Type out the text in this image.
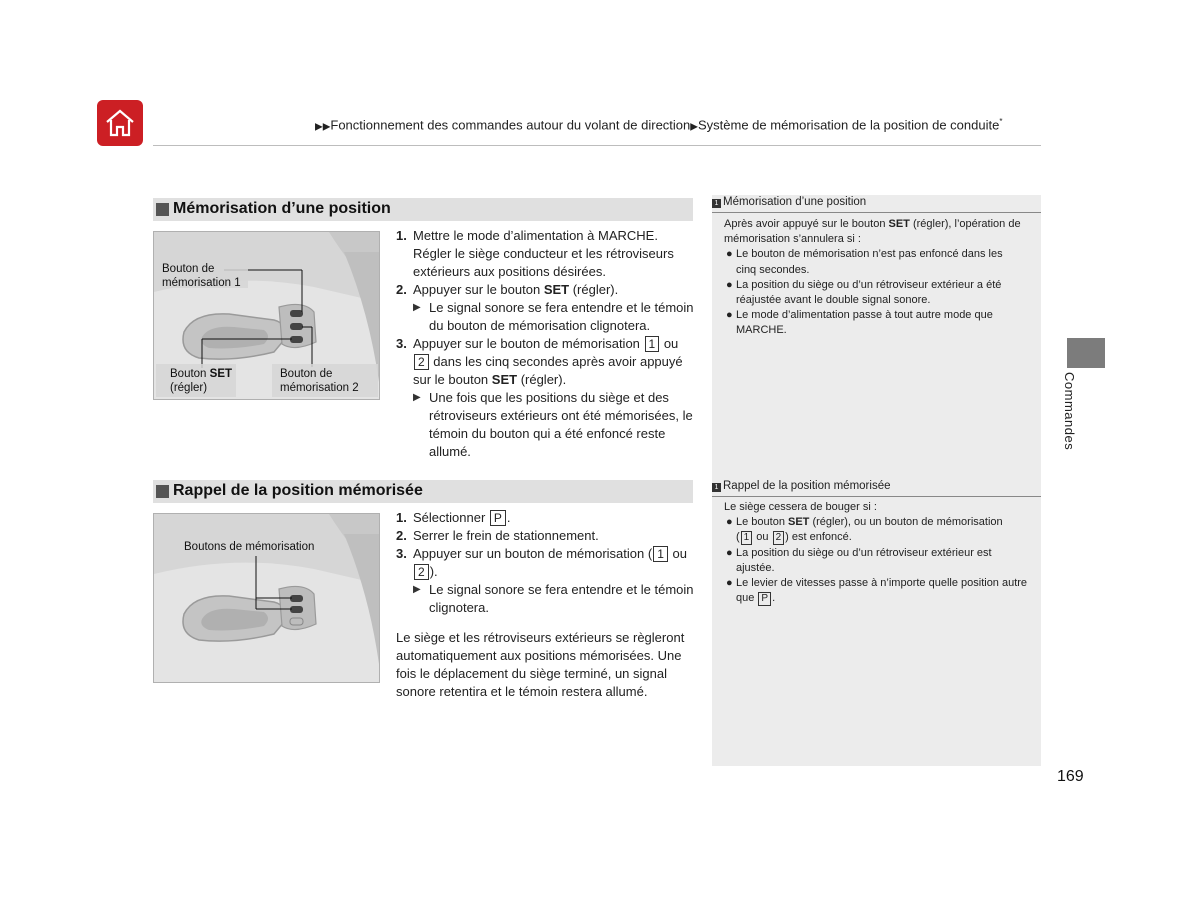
▶▶Fonctionnement des commandes autour du volant de direction▶Système de mémorisation de la position de conduite*
Mémorisation d’une position
Bouton de
mémorisation 1
Bouton SET
(régler)
Bouton de
mémorisation 2
1. Mettre le mode d’alimentation à MARCHE.
Régler le siège conducteur et les rétroviseurs
extérieurs aux positions désirées.
2. Appuyer sur le bouton SET (régler).
▶ Le signal sonore se fera entendre et le témoin
du bouton de mémorisation clignotera.
3. Appuyer sur le bouton de mémorisation 1 ou
2 dans les cinq secondes après avoir appuyé
sur le bouton SET (régler).
▶ Une fois que les positions du siège et des
rétroviseurs extérieurs ont été mémorisées, le
témoin du bouton qui a été enfoncé reste
allumé.
Rappel de la position mémorisée
Boutons de mémorisation
1. Sélectionner P .
2. Serrer le frein de stationnement.
3. Appuyer sur un bouton de mémorisation ( 1 ou
2 ).
▶ Le signal sonore se fera entendre et le témoin
clignotera.
Le siège et les rétroviseurs extérieurs se règleront
automatiquement aux positions mémorisées. Une
fois le déplacement du siège terminé, un signal
sonore retentira et le témoin restera allumé.
1 Mémorisation d’une position
Après avoir appuyé sur le bouton SET (régler), l’opération de
mémorisation s’annulera si :
● Le bouton de mémorisation n’est pas enfoncé dans les
cinq secondes.
● La position du siège ou d’un rétroviseur extérieur a été
réajustée avant le double signal sonore.
● Le mode d’alimentation passe à tout autre mode que
MARCHE.
1 Rappel de la position mémorisée
Le siège cessera de bouger si :
● Le bouton SET (régler), ou un bouton de mémorisation
( 1 ou 2 ) est enfoncé.
● La position du siège ou d’un rétroviseur extérieur est
ajustée.
● Le levier de vitesses passe à n’importe quelle position autre
que P .
Commandes
169
